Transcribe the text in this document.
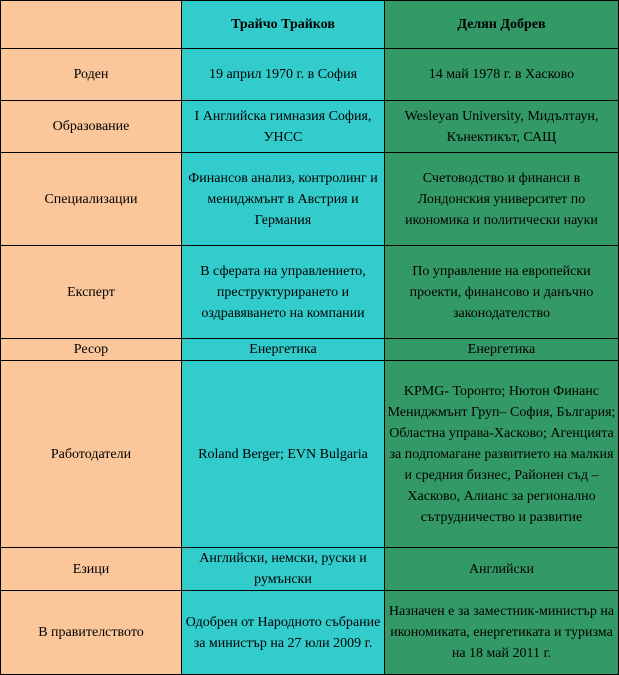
	Трайчо Трайков	Делян Добрев
Роден	19 април 1970 г. в София	14 май 1978 г. в Хасково
Образование	I Английска гимназия София, УНСС	Wesleyan University, Мидълтаун, Кънектикът, САЩ
Специализации	Финансов анализ, контролинг и мениджмънт в Австрия и Германия	Счетоводство и финанси в Лондонския университет по икономика и политически науки
Експерт	В сферата на управлението, преструктурирането и оздравяването на компании	По управление на европейски проекти, финансово и данъчно законодателство
Ресор	Енергетика	Енергетика
Работодатели	Roland Berger; EVN Bulgaria	KPMG- Торонто; Нютон Финанс Мениджмънт Груп– София, България; Областна управа-Хасково; Агенцията за подпомагане развитието на малкия и средния бизнес, Районен съд – Хасково, Алианс за регионално сътрудничество и развитие
Езици	Английски, немски, руски и румънски	Английски
В правителството	Одобрен от Народното събрание за министър на 27 юли 2009 г.	Назначен е за заместник-министър на икономиката, енергетиката и туризма на 18 май 2011 г.
